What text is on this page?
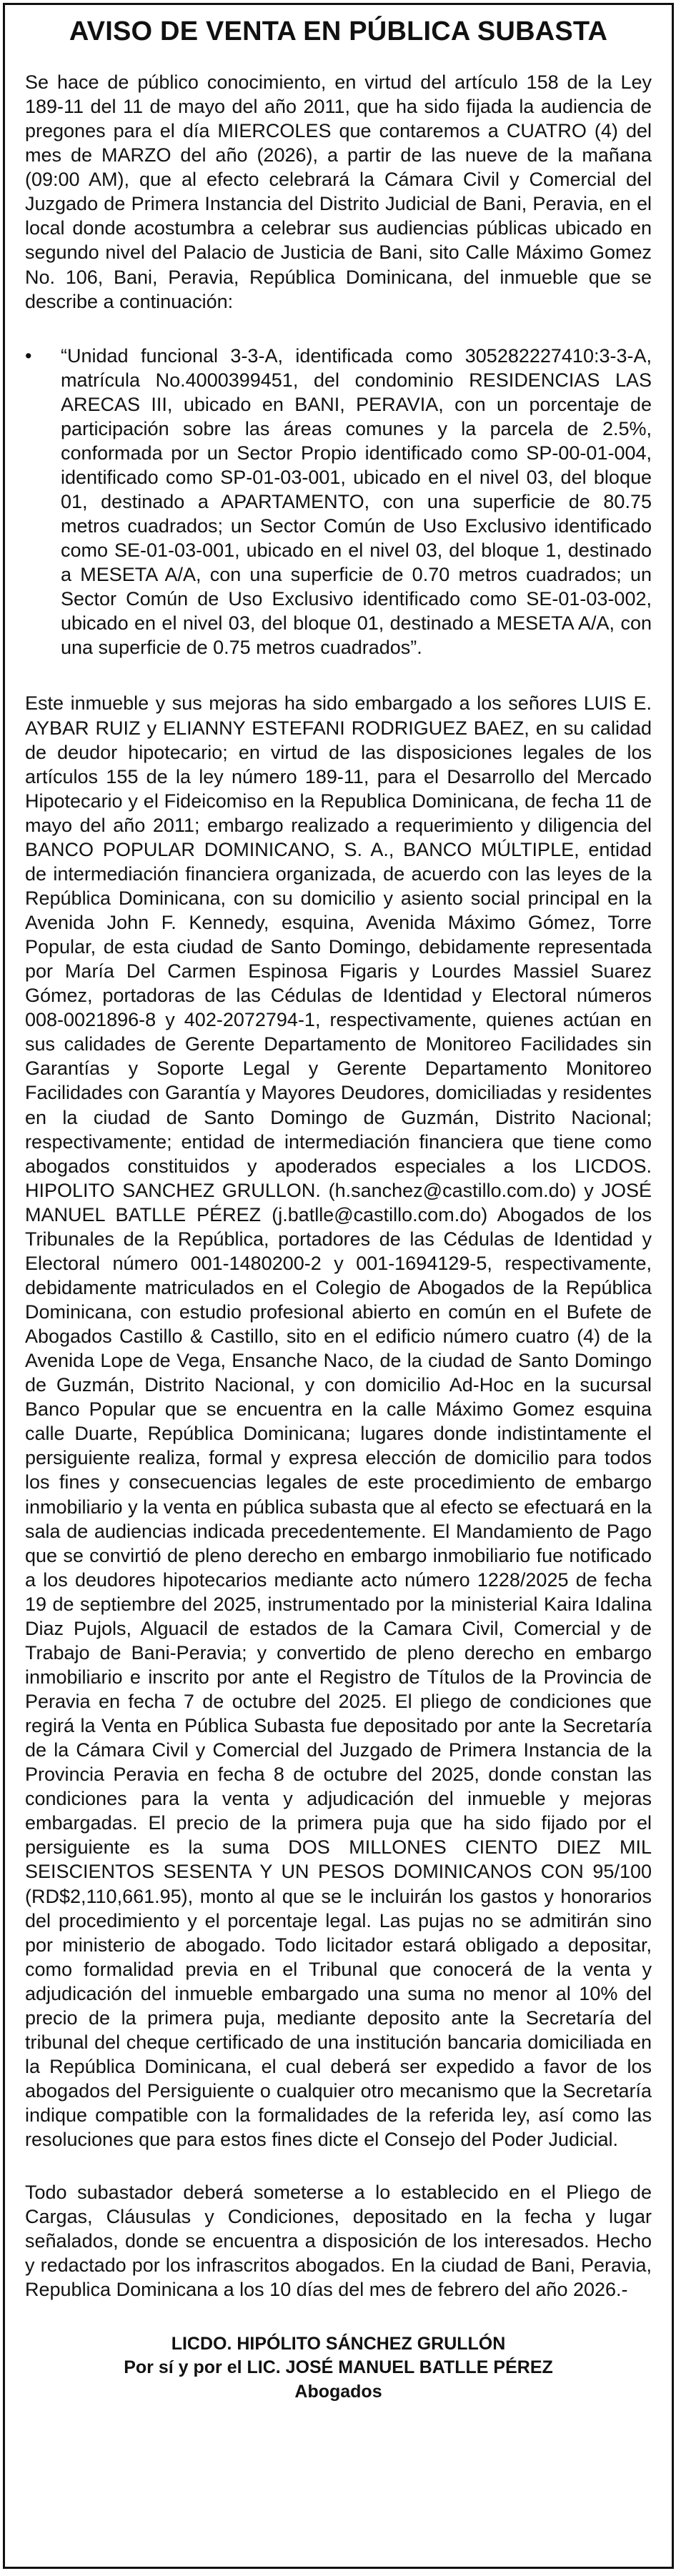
AVISO DE VENTA EN PÚBLICA SUBASTA

Se hace de público conocimiento, en virtud del artículo 158 de la Ley 189-11 del 11 de mayo del año 2011, que ha sido fijada la audiencia de pregones para el día MIERCOLES que contaremos a CUATRO (4) del mes de MARZO del año (2026), a partir de las nueve de la mañana (09:00 AM), que al efecto celebrará la Cámara Civil y Comercial del Juzgado de Primera Instancia del Distrito Judicial de Bani, Peravia, en el local donde acostumbra a celebrar sus audiencias públicas ubicado en segundo nivel del Palacio de Justicia de Bani, sito Calle Máximo Gomez No. 106, Bani, Peravia, República Dominicana, del inmueble que se describe a continuación:

• “Unidad funcional 3-3-A, identificada como 305282227410:3-3-A, matrícula No.4000399451, del condominio RESIDENCIAS LAS ARECAS III, ubicado en BANI, PERAVIA, con un porcentaje de participación sobre las áreas comunes y la parcela de 2.5%, conformada por un Sector Propio identificado como SP-00-01-004, identificado como SP-01-03-001, ubicado en el nivel 03, del bloque 01, destinado a APARTAMENTO, con una superficie de 80.75 metros cuadrados; un Sector Común de Uso Exclusivo identificado como SE-01-03-001, ubicado en el nivel 03, del bloque 1, destinado a MESETA A/A, con una superficie de 0.70 metros cuadrados; un Sector Común de Uso Exclusivo identificado como SE-01-03-002, ubicado en el nivel 03, del bloque 01, destinado a MESETA A/A, con una superficie de 0.75 metros cuadrados”.

Este inmueble y sus mejoras ha sido embargado a los señores LUIS E. AYBAR RUIZ y ELIANNY ESTEFANI RODRIGUEZ BAEZ, en su calidad de deudor hipotecario; en virtud de las disposiciones legales de los artículos 155 de la ley número 189-11, para el Desarrollo del Mercado Hipotecario y el Fideicomiso en la Republica Dominicana, de fecha 11 de mayo del año 2011; embargo realizado a requerimiento y diligencia del BANCO POPULAR DOMINICANO, S. A., BANCO MÚLTIPLE, entidad de intermediación financiera organizada, de acuerdo con las leyes de la República Dominicana, con su domicilio y asiento social principal en la Avenida John F. Kennedy, esquina, Avenida Máximo Gómez, Torre Popular, de esta ciudad de Santo Domingo, debidamente representada por María Del Carmen Espinosa Figaris y Lourdes Massiel Suarez Gómez, portadoras de las Cédulas de Identidad y Electoral números 008-0021896-8 y 402-2072794-1, respectivamente, quienes actúan en sus calidades de Gerente Departamento de Monitoreo Facilidades sin Garantías y Soporte Legal y Gerente Departamento Monitoreo Facilidades con Garantía y Mayores Deudores, domiciliadas y residentes en la ciudad de Santo Domingo de Guzmán, Distrito Nacional; respectivamente; entidad de intermediación financiera que tiene como abogados constituidos y apoderados especiales a los LICDOS. HIPOLITO SANCHEZ GRULLON. (h.sanchez@castillo.com.do) y JOSÉ MANUEL BATLLE PÉREZ (j.batlle@castillo.com.do) Abogados de los Tribunales de la República, portadores de las Cédulas de Identidad y Electoral número 001-1480200-2 y 001-1694129-5, respectivamente, debidamente matriculados en el Colegio de Abogados de la República Dominicana, con estudio profesional abierto en común en el Bufete de Abogados Castillo & Castillo, sito en el edificio número cuatro (4) de la Avenida Lope de Vega, Ensanche Naco, de la ciudad de Santo Domingo de Guzmán, Distrito Nacional, y con domicilio Ad-Hoc en la sucursal Banco Popular que se encuentra en la calle Máximo Gomez esquina calle Duarte, República Dominicana; lugares donde indistintamente el persiguiente realiza, formal y expresa elección de domicilio para todos los fines y consecuencias legales de este procedimiento de embargo inmobiliario y la venta en pública subasta que al efecto se efectuará en la sala de audiencias indicada precedentemente. El Mandamiento de Pago que se convirtió de pleno derecho en embargo inmobiliario fue notificado a los deudores hipotecarios mediante acto número 1228/2025 de fecha 19 de septiembre del 2025, instrumentado por la ministerial Kaira Idalina Diaz Pujols, Alguacil de estados de la Camara Civil, Comercial y de Trabajo de Bani-Peravia; y convertido de pleno derecho en embargo inmobiliario e inscrito por ante el Registro de Títulos de la Provincia de Peravia en fecha 7 de octubre del 2025. El pliego de condiciones que regirá la Venta en Pública Subasta fue depositado por ante la Secretaría de la Cámara Civil y Comercial del Juzgado de Primera Instancia de la Provincia Peravia en fecha 8 de octubre del 2025, donde constan las condiciones para la venta y adjudicación del inmueble y mejoras embargadas. El precio de la primera puja que ha sido fijado por el persiguiente es la suma DOS MILLONES CIENTO DIEZ MIL SEISCIENTOS SESENTA Y UN PESOS DOMINICANOS CON 95/100 (RD$2,110,661.95), monto al que se le incluirán los gastos y honorarios del procedimiento y el porcentaje legal. Las pujas no se admitirán sino por ministerio de abogado. Todo licitador estará obligado a depositar, como formalidad previa en el Tribunal que conocerá de la venta y adjudicación del inmueble embargado una suma no menor al 10% del precio de la primera puja, mediante deposito ante la Secretaría del tribunal del cheque certificado de una institución bancaria domiciliada en la República Dominicana, el cual deberá ser expedido a favor de los abogados del Persiguiente o cualquier otro mecanismo que la Secretaría indique compatible con la formalidades de la referida ley, así como las resoluciones que para estos fines dicte el Consejo del Poder Judicial.

Todo subastador deberá someterse a lo establecido en el Pliego de Cargas, Cláusulas y Condiciones, depositado en la fecha y lugar señalados, donde se encuentra a disposición de los interesados. Hecho y redactado por los infrascritos abogados. En la ciudad de Bani, Peravia, Republica Dominicana a los 10 días del mes de febrero del año 2026.-

LICDO. HIPÓLITO SÁNCHEZ GRULLÓN
Por sí y por el LIC. JOSÉ MANUEL BATLLE PÉREZ
Abogados
